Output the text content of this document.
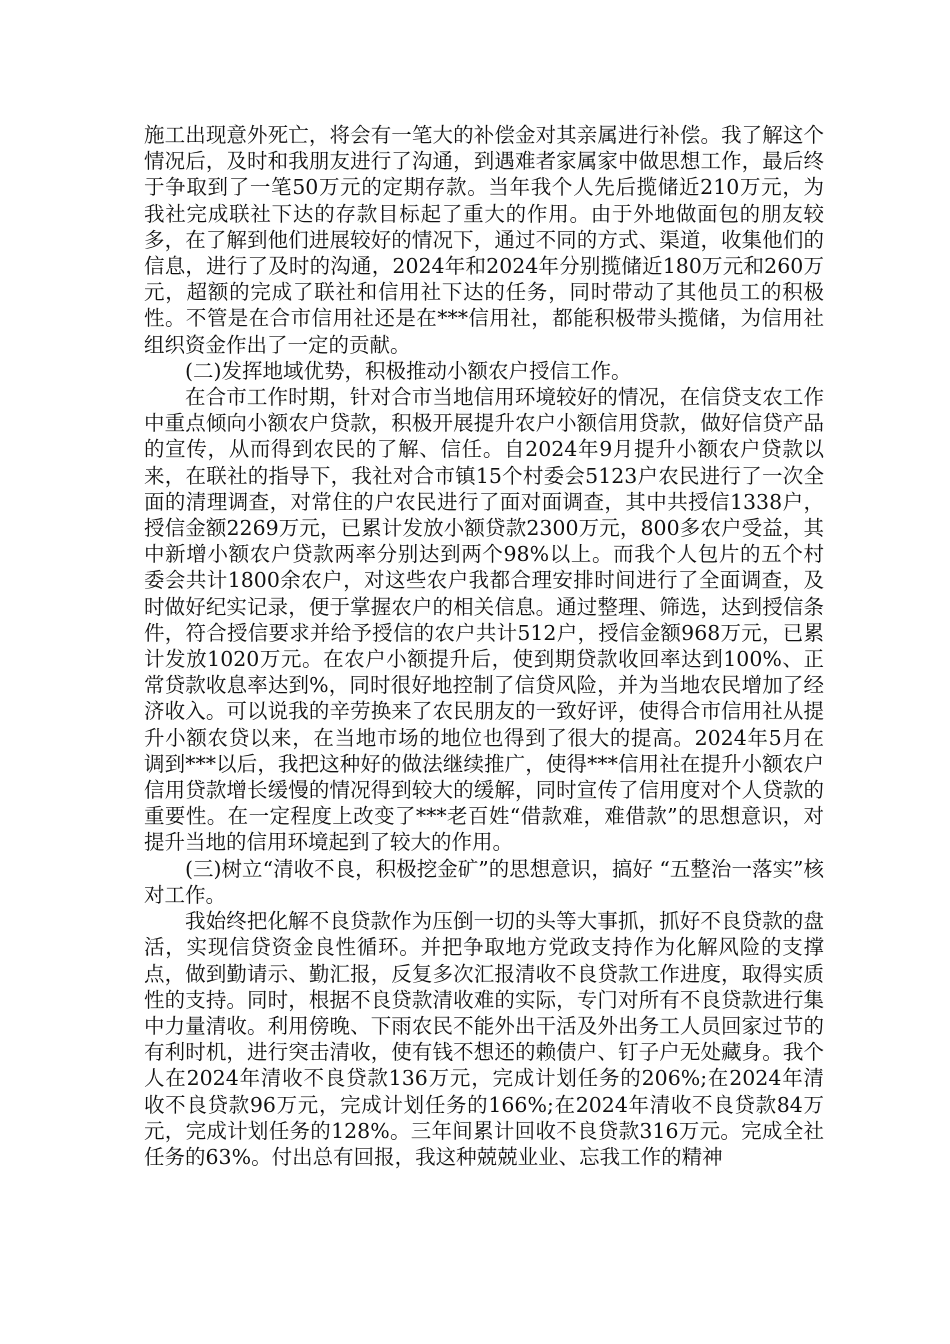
施工出现意外死亡，将会有一笔大的补偿金对其亲属进行补偿。我了解这个情况后，及时和我朋友进行了沟通，到遇难者家属家中做思想工作，最后终于争取到了一笔50万元的定期存款。当年我个人先后揽储近210万元，为我社完成联社下达的存款目标起了重大的作用。由于外地做面包的朋友较多，在了解到他们进展较好的情况下，通过不同的方式、渠道，收集他们的信息，进行了及时的沟通，2024年和2024年分别揽储近180万元和260万元，超额的完成了联社和信用社下达的任务，同时带动了其他员工的积极性。不管是在合市信用社还是在***信用社，都能积极带头揽储，为信用社组织资金作出了一定的贡献。

(二)发挥地域优势，积极推动小额农户授信工作。

在合市工作时期，针对合市当地信用环境较好的情况，在信贷支农工作中重点倾向小额农户贷款，积极开展提升农户小额信用贷款，做好信贷产品的宣传，从而得到农民的了解、信任。自2024年9月提升小额农户贷款以来，在联社的指导下，我社对合市镇15个村委会5123户农民进行了一次全面的清理调查，对常住的户农民进行了面对面调查，其中共授信1338户，授信金额2269万元，已累计发放小额贷款2300万元，800多农户受益，其中新增小额农户贷款两率分别达到两个98%以上。而我个人包片的五个村委会共计1800余农户，对这些农户我都合理安排时间进行了全面调查，及时做好纪实记录，便于掌握农户的相关信息。通过整理、筛选，达到授信条件，符合授信要求并给予授信的农户共计512户，授信金额968万元，已累计发放1020万元。在农户小额提升后，使到期贷款收回率达到100%、正常贷款收息率达到%，同时很好地控制了信贷风险，并为当地农民增加了经济收入。可以说我的辛劳换来了农民朋友的一致好评，使得合市信用社从提升小额农贷以来，在当地市场的地位也得到了很大的提高。2024年5月在调到***以后，我把这种好的做法继续推广，使得***信用社在提升小额农户信用贷款增长缓慢的情况得到较大的缓解，同时宣传了信用度对个人贷款的重要性。在一定程度上改变了***老百姓“借款难，难借款”的思想意识，对提升当地的信用环境起到了较大的作用。

(三)树立“清收不良，积极挖金矿”的思想意识，搞好 “五整治一落实”核对工作。

我始终把化解不良贷款作为压倒一切的头等大事抓，抓好不良贷款的盘活，实现信贷资金良性循环。并把争取地方党政支持作为化解风险的支撑点，做到勤请示、勤汇报，反复多次汇报清收不良贷款工作进度，取得实质性的支持。同时，根据不良贷款清收难的实际，专门对所有不良贷款进行集中力量清收。利用傍晚、下雨农民不能外出干活及外出务工人员回家过节的有利时机，进行突击清收，使有钱不想还的赖债户、钉子户无处藏身。我个人在2024年清收不良贷款136万元，完成计划任务的206%;在2024年清收不良贷款96万元，完成计划任务的166%;在2024年清收不良贷款84万元，完成计划任务的128%。三年间累计回收不良贷款316万元。完成全社任务的63%。付出总有回报，我这种兢兢业业、忘我工作的精神
